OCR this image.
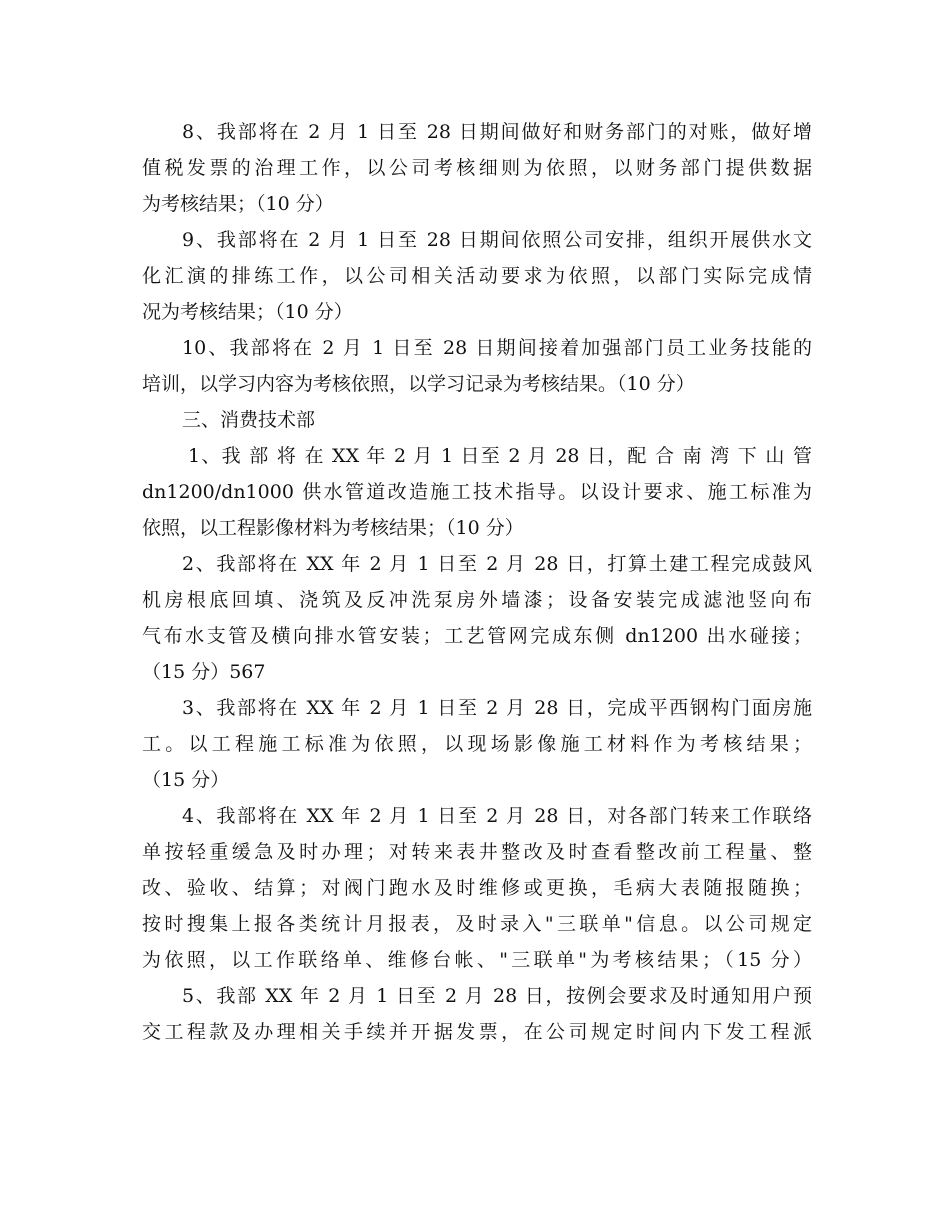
8、我部将在 2 月 1 日至 28 日期间做好和财务部门的对账，做好增
值税发票的治理工作，以公司考核细则为依照，以财务部门提供数据
为考核结果；（10 分）
9、我部将在 2 月 1 日至 28 日期间依照公司安排，组织开展供水文
化汇演的排练工作，以公司相关活动要求为依照，以部门实际完成情
况为考核结果；（10 分）
10、我部将在 2 月 1 日至 28 日期间接着加强部门员工业务技能的
培训，以学习内容为考核依照，以学习记录为考核结果。（10 分）
三、消费技术部
1、我 部 将 在 XX 年 2 月 1 日至 2 月 28 日，配 合 南 湾 下 山 管
dn1200/dn1000 供水管道改造施工技术指导。以设计要求、施工标准为
依照，以工程影像材料为考核结果；（10 分）
2、我部将在 XX 年 2 月 1 日至 2 月 28 日，打算土建工程完成鼓风
机房根底回填、浇筑及反冲洗泵房外墙漆；设备安装完成滤池竖向布
气布水支管及横向排水管安装；工艺管网完成东侧 dn1200 出水碰接；
（15 分）567
3、我部将在 XX 年 2 月 1 日至 2 月 28 日，完成平西钢构门面房施
工。以工程施工标准为依照，以现场影像施工材料作为考核结果；
（15 分）
4、我部将在 XX 年 2 月 1 日至 2 月 28 日，对各部门转来工作联络
单按轻重缓急及时办理；对转来表井整改及时查看整改前工程量、整
改、验收、结算；对阀门跑水及时维修或更换，毛病大表随报随换；
按时搜集上报各类统计月报表，及时录入"三联单"信息。以公司规定
为依照，以工作联络单、维修台帐、"三联单"为考核结果；（15 分）
5、我部 XX 年 2 月 1 日至 2 月 28 日，按例会要求及时通知用户预
交工程款及办理相关手续并开据发票，在公司规定时间内下发工程派
